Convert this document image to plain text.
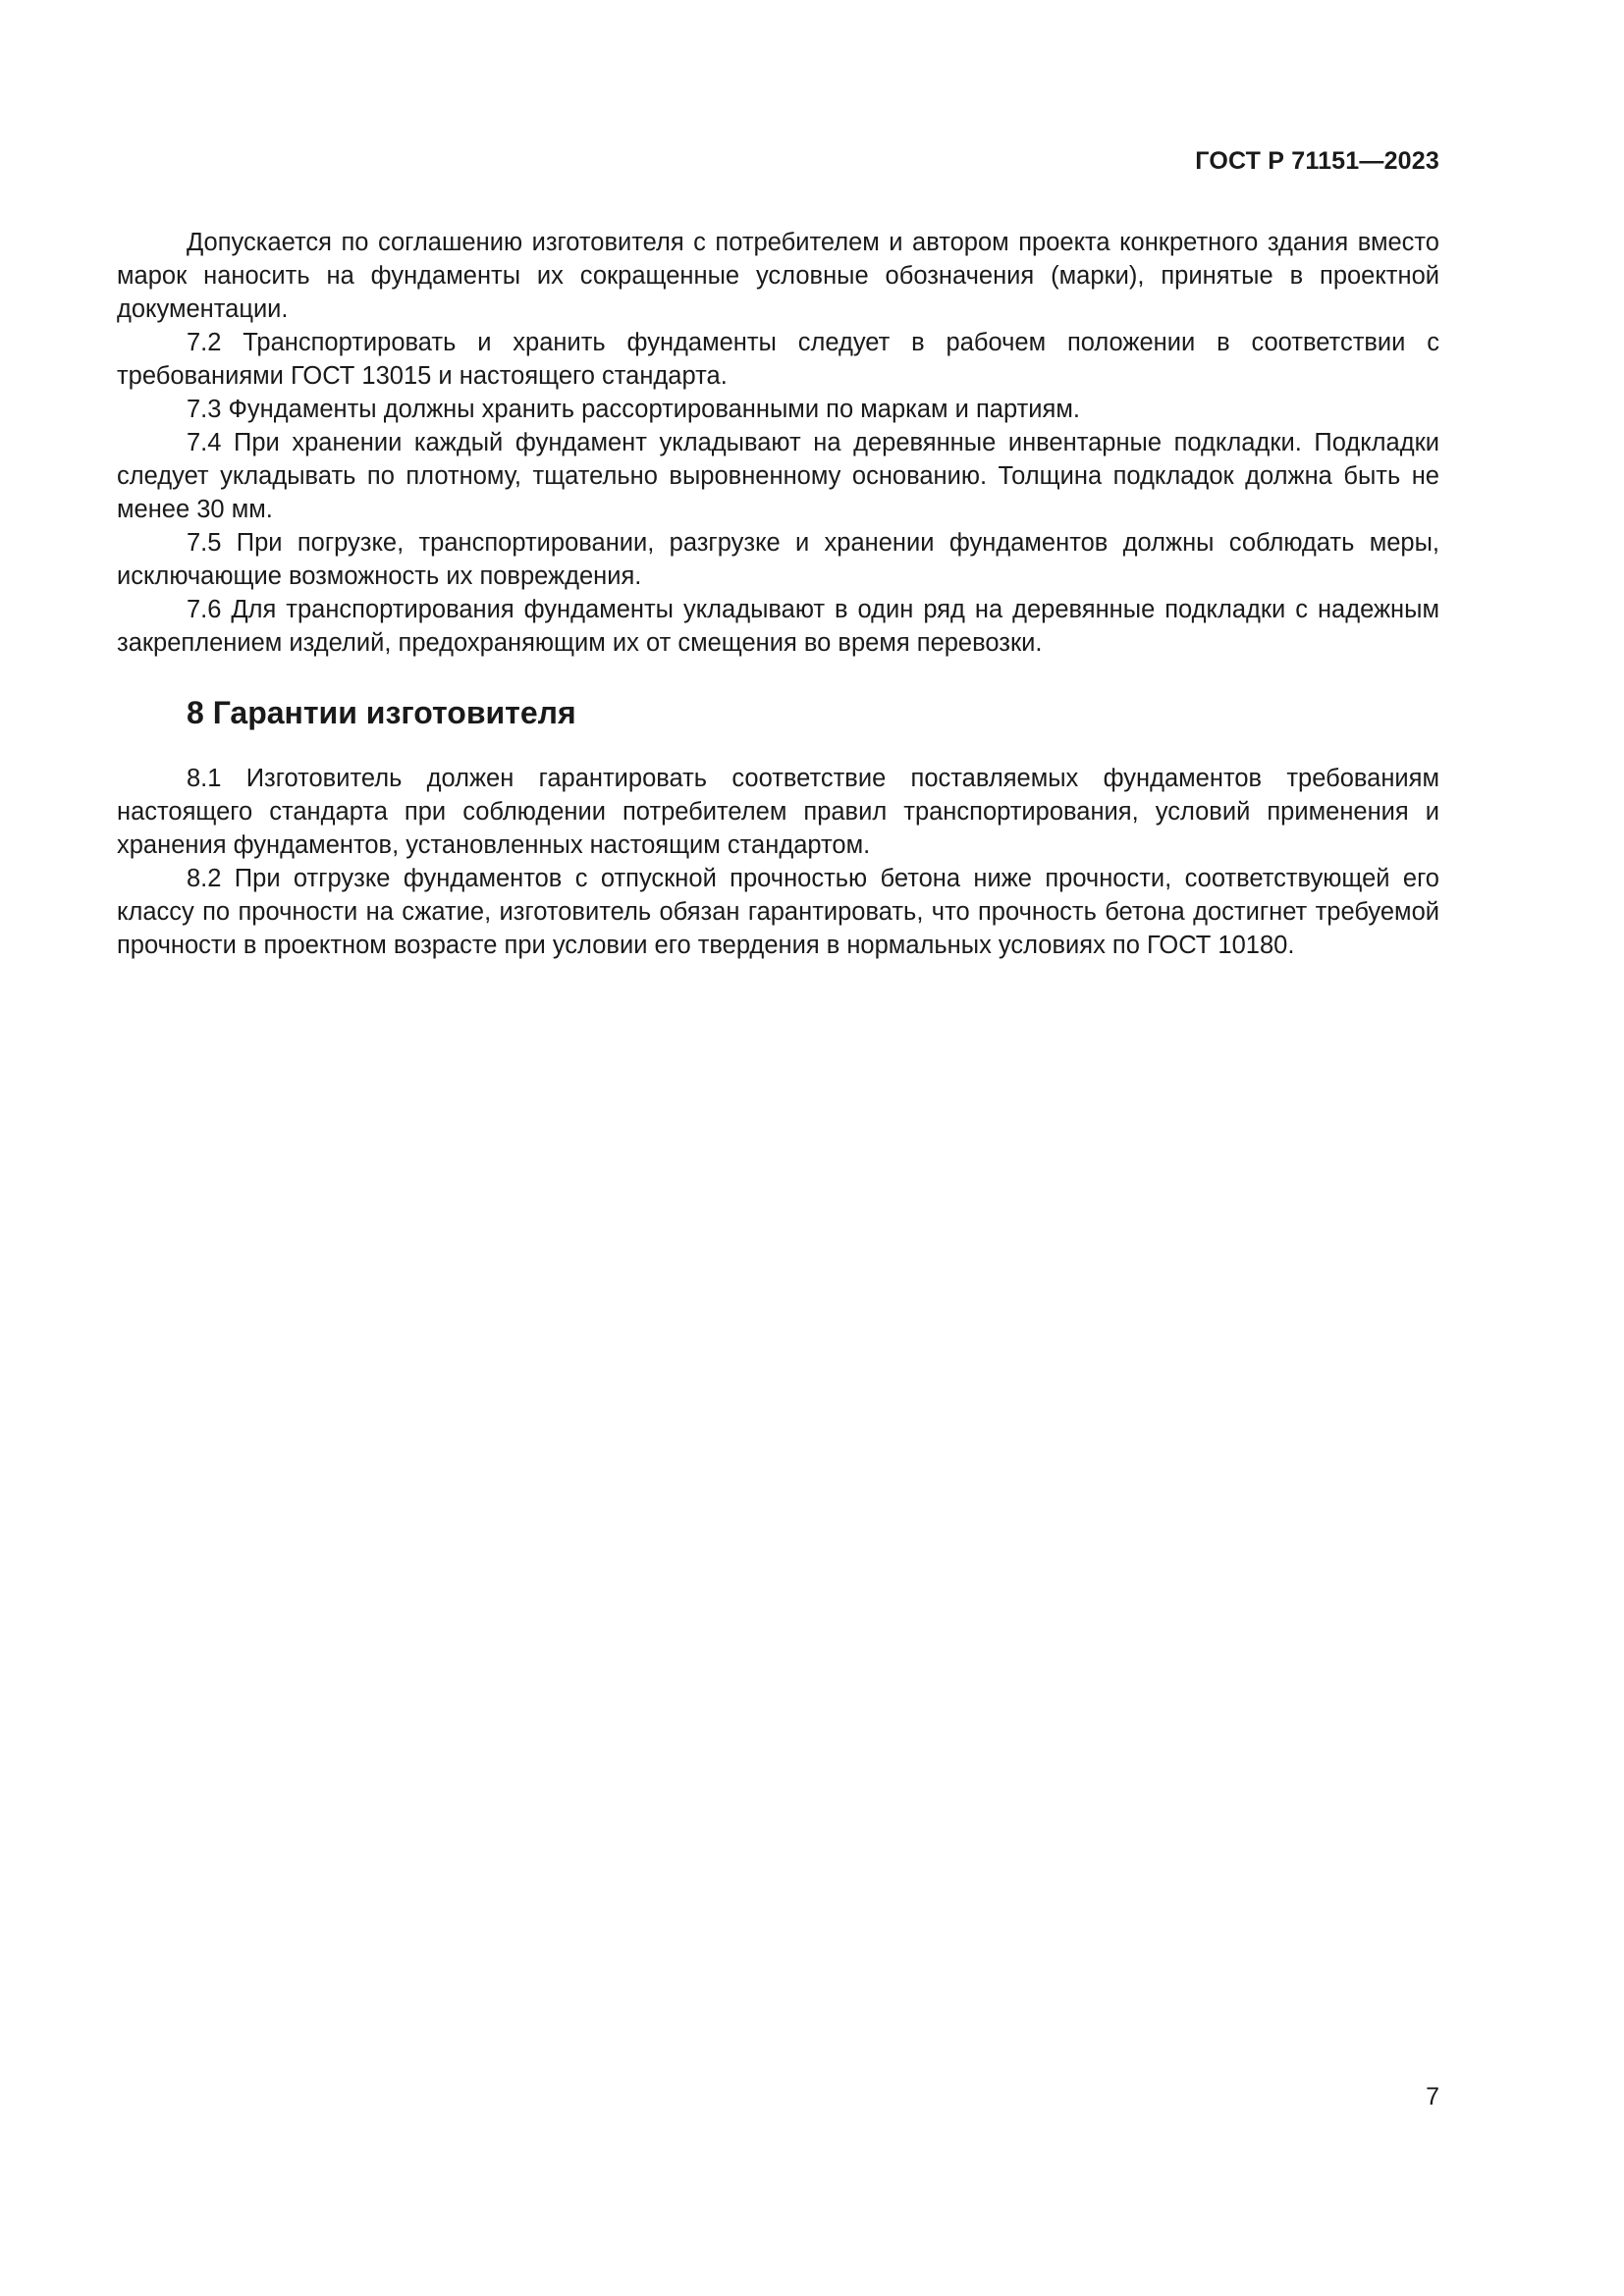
ГОСТ Р 71151—2023

Допускается по соглашению изготовителя с потребителем и автором проекта конкретного здания вместо марок наносить на фундаменты их сокращенные условные обозначения (марки), принятые в проектной документации.

7.2 Транспортировать и хранить фундаменты следует в рабочем положении в соответствии с требованиями ГОСТ 13015 и настоящего стандарта.

7.3 Фундаменты должны хранить рассортированными по маркам и партиям.

7.4 При хранении каждый фундамент укладывают на деревянные инвентарные подкладки. Подкладки следует укладывать по плотному, тщательно выровненному основанию. Толщина подкладок должна быть не менее 30 мм.

7.5 При погрузке, транспортировании, разгрузке и хранении фундаментов должны соблюдать меры, исключающие возможность их повреждения.

7.6 Для транспортирования фундаменты укладывают в один ряд на деревянные подкладки с надежным закреплением изделий, предохраняющим их от смещения во время перевозки.

8 Гарантии изготовителя

8.1 Изготовитель должен гарантировать соответствие поставляемых фундаментов требованиям настоящего стандарта при соблюдении потребителем правил транспортирования, условий применения и хранения фундаментов, установленных настоящим стандартом.

8.2 При отгрузке фундаментов с отпускной прочностью бетона ниже прочности, соответствующей его классу по прочности на сжатие, изготовитель обязан гарантировать, что прочность бетона достигнет требуемой прочности в проектном возрасте при условии его твердения в нормальных условиях по ГОСТ 10180.

7
